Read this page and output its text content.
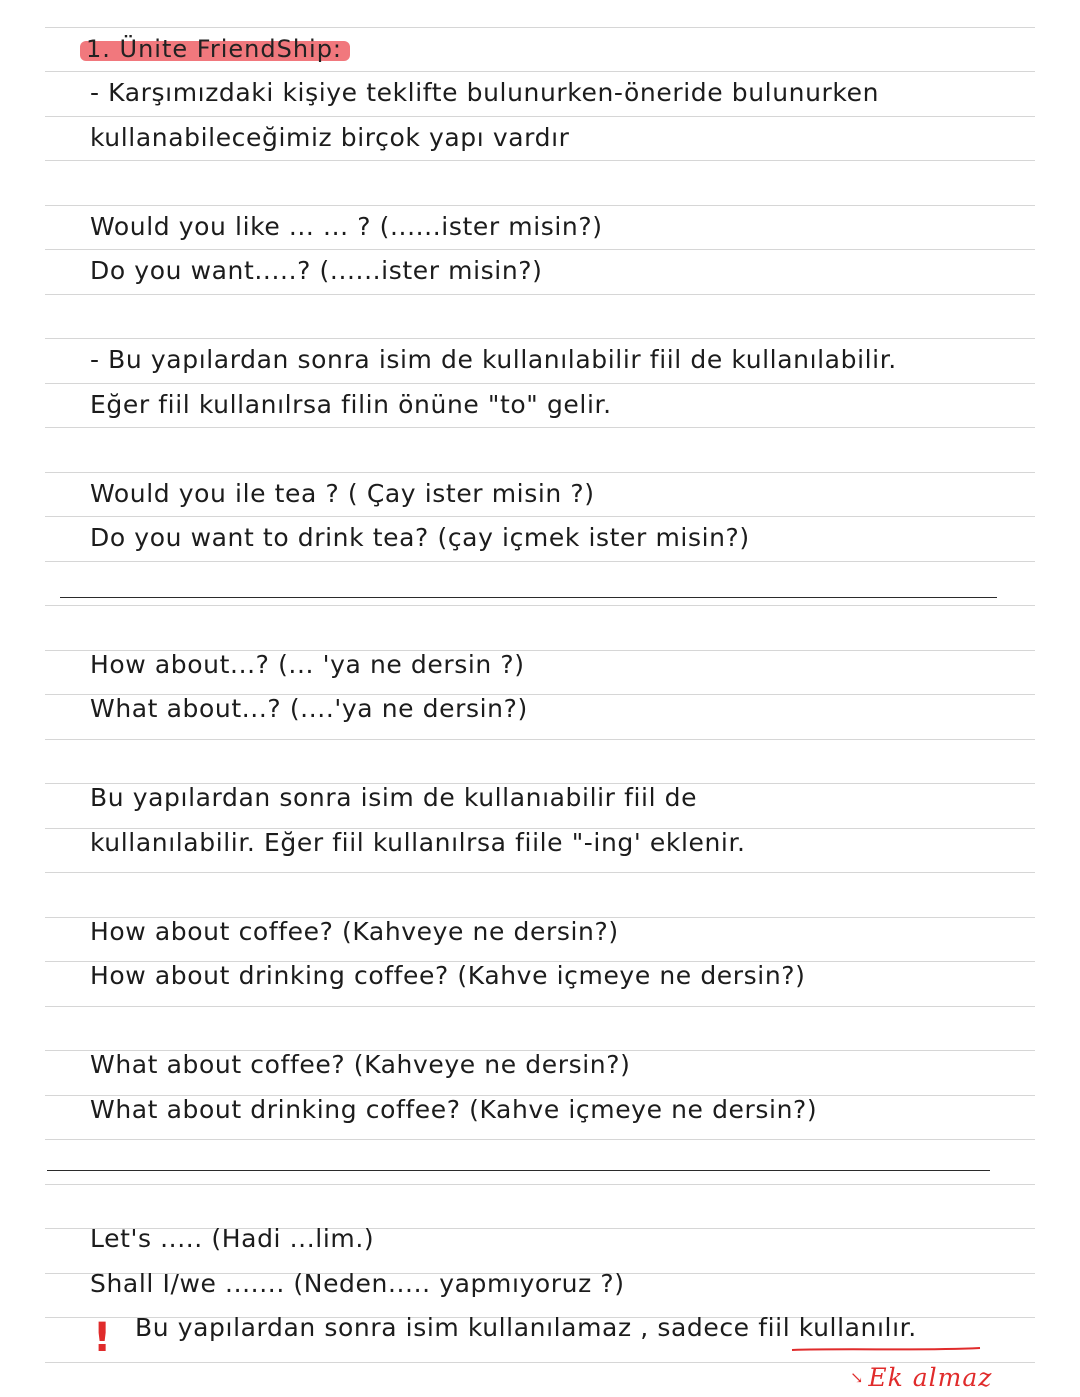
1. Ünite FriendShip:
- Karşımızdaki kişiye teklifte bulunurken-öneride bulunurken
kullanabileceğimiz birçok yapı vardır
Would you like ... ... ? (......ister misin?)
Do you want.....? (......ister misin?)
- Bu yapılardan sonra isim de kullanılabilir fiil de kullanılabilir.
Eğer fiil kullanılrsa filin önüne "to" gelir.
Would you ile tea ? ( Çay ister misin ?)
Do you want to drink tea? (çay içmek ister misin?)
How about...? (... 'ya ne dersin ?)
What about...? (....'ya ne dersin?)
Bu yapılardan sonra isim de kullanıabilir fiil de
kullanılabilir. Eğer fiil kullanılrsa fiile "-ing' eklenir.
How about coffee? (Kahveye ne dersin?)
How about drinking coffee? (Kahve içmeye ne dersin?)
What about coffee? (Kahveye ne dersin?)
What about drinking coffee? (Kahve içmeye ne dersin?)
Let's ..... (Hadi ...lim.)
Shall I/we ....... (Neden..... yapmıyoruz ?)
! Bu yapılardan sonra isim kullanılamaz , sadece fiil kullanılır.
↘ Ek almaz
